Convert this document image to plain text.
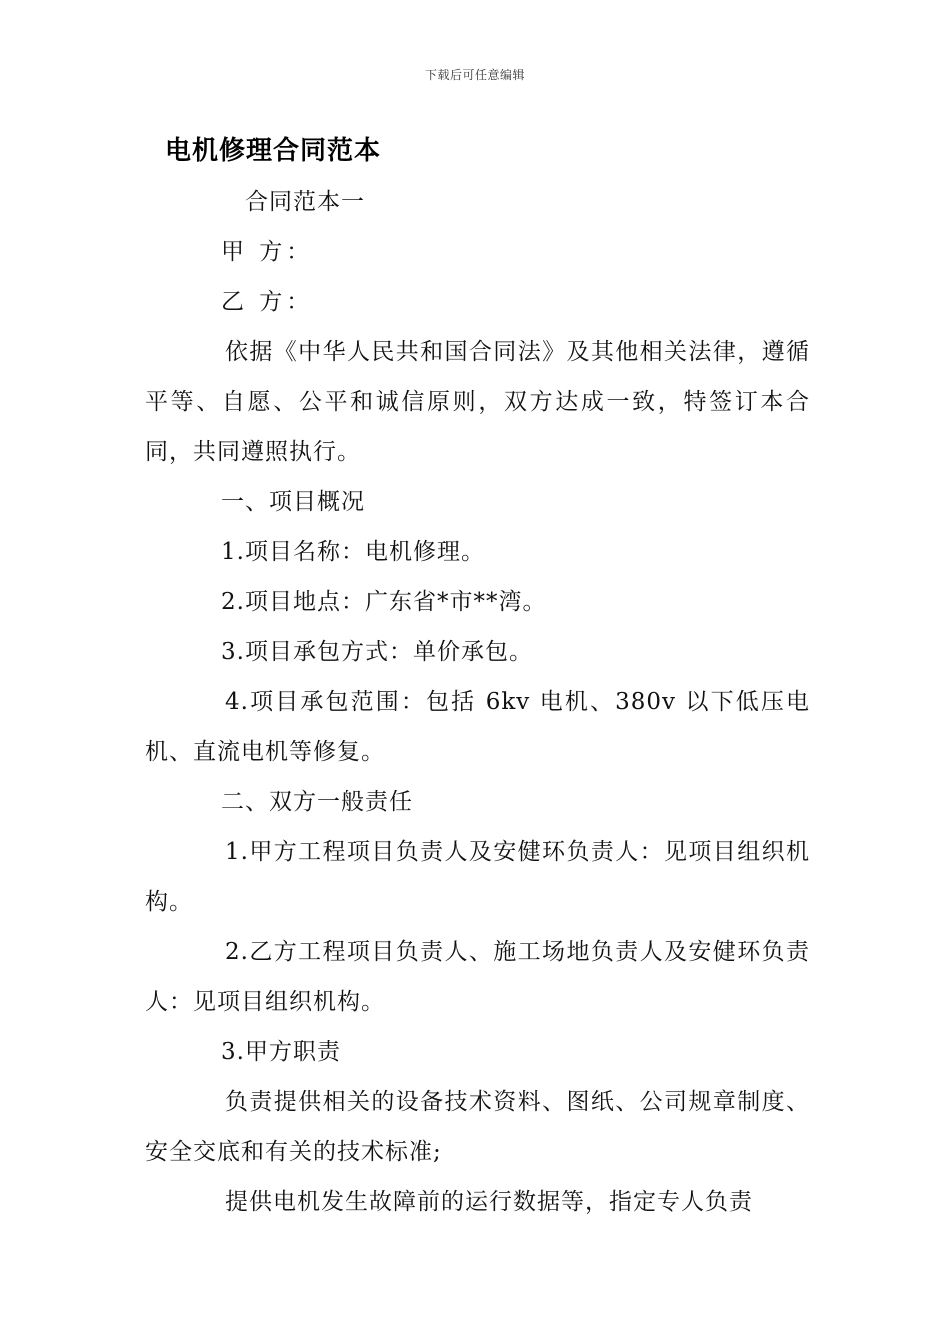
下载后可任意编辑
电机修理合同范本

合同范本一

甲 方：

乙 方：

依据《中华人民共和国合同法》及其他相关法律，遵循平等、自愿、公平和诚信原则，双方达成一致，特签订本合同，共同遵照执行。

一、项目概况

1.项目名称：电机修理。

2.项目地点：广东省*市**湾。

3.项目承包方式：单价承包。

4.项目承包范围：包括 6kv 电机、380v 以下低压电机、直流电机等修复。

二、双方一般责任

1.甲方工程项目负责人及安健环负责人：见项目组织机构。

2.乙方工程项目负责人、施工场地负责人及安健环负责人：见项目组织机构。

3.甲方职责

负责提供相关的设备技术资料、图纸、公司规章制度、安全交底和有关的技术标准;

提供电机发生故障前的运行数据等，指定专人负责
